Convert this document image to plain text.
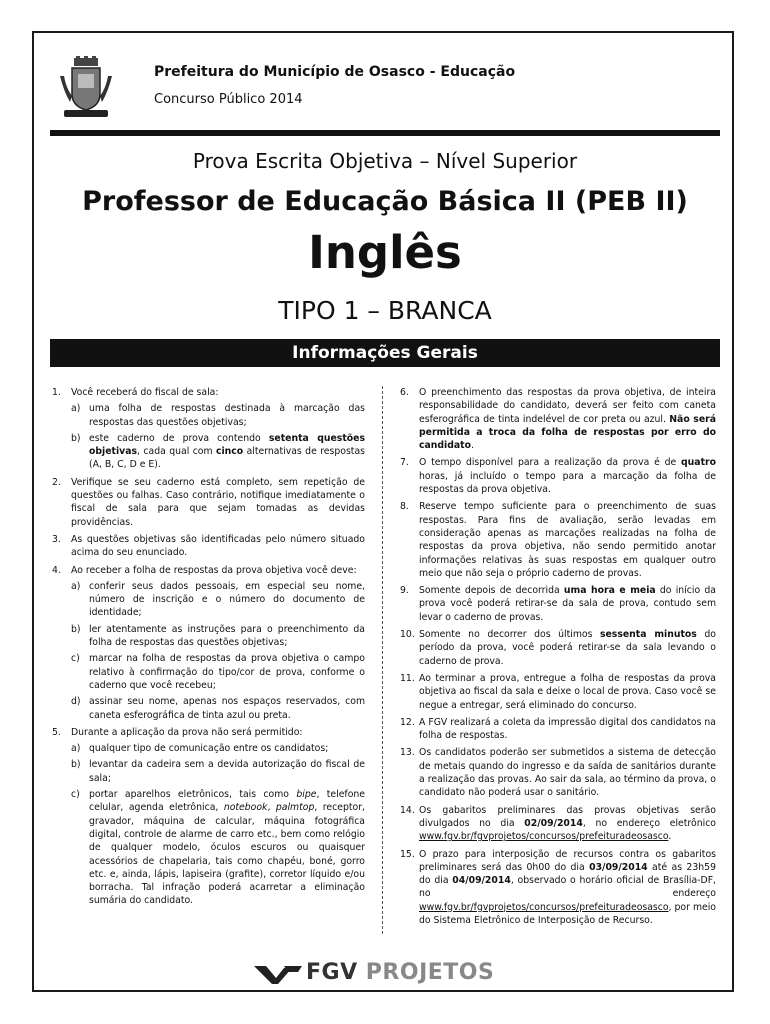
Prefeitura do Município de Osasco - Educação
Concurso Público 2014
Prova Escrita Objetiva – Nível Superior
Professor de Educação Básica II (PEB II)
Inglês
TIPO 1 – BRANCA
Informações Gerais
1. Você receberá do fiscal de sala:
a) uma folha de respostas destinada à marcação das respostas das questões objetivas;
b) este caderno de prova contendo setenta questões objetivas, cada qual com cinco alternativas de respostas (A, B, C, D e E).
2. Verifique se seu caderno está completo, sem repetição de questões ou falhas. Caso contrário, notifique imediatamente o fiscal de sala para que sejam tomadas as devidas providências.
3. As questões objetivas são identificadas pelo número situado acima do seu enunciado.
4. Ao receber a folha de respostas da prova objetiva você deve:
a) conferir seus dados pessoais, em especial seu nome, número de inscrição e o número do documento de identidade;
b) ler atentamente as instruções para o preenchimento da folha de respostas das questões objetivas;
c) marcar na folha de respostas da prova objetiva o campo relativo à confirmação do tipo/cor de prova, conforme o caderno que você recebeu;
d) assinar seu nome, apenas nos espaços reservados, com caneta esferográfica de tinta azul ou preta.
5. Durante a aplicação da prova não será permitido:
a) qualquer tipo de comunicação entre os candidatos;
b) levantar da cadeira sem a devida autorização do fiscal de sala;
c) portar aparelhos eletrônicos, tais como bipe, telefone celular, agenda eletrônica, notebook, palmtop, receptor, gravador, máquina de calcular, máquina fotográfica digital, controle de alarme de carro etc., bem como relógio de qualquer modelo, óculos escuros ou quaisquer acessórios de chapelaria, tais como chapéu, boné, gorro etc. e, ainda, lápis, lapiseira (grafite), corretor líquido e/ou borracha. Tal infração poderá acarretar a eliminação sumária do candidato.
6. O preenchimento das respostas da prova objetiva, de inteira responsabilidade do candidato, deverá ser feito com caneta esferográfica de tinta indelével de cor preta ou azul. Não será permitida a troca da folha de respostas por erro do candidato.
7. O tempo disponível para a realização da prova é de quatro horas, já incluído o tempo para a marcação da folha de respostas da prova objetiva.
8. Reserve tempo suficiente para o preenchimento de suas respostas. Para fins de avaliação, serão levadas em consideração apenas as marcações realizadas na folha de respostas da prova objetiva, não sendo permitido anotar informações relativas às suas respostas em qualquer outro meio que não seja o próprio caderno de provas.
9. Somente depois de decorrida uma hora e meia do início da prova você poderá retirar-se da sala de prova, contudo sem levar o caderno de provas.
10. Somente no decorrer dos últimos sessenta minutos do período da prova, você poderá retirar-se da sala levando o caderno de prova.
11. Ao terminar a prova, entregue a folha de respostas da prova objetiva ao fiscal da sala e deixe o local de prova. Caso você se negue a entregar, será eliminado do concurso.
12. A FGV realizará a coleta da impressão digital dos candidatos na folha de respostas.
13. Os candidatos poderão ser submetidos a sistema de detecção de metais quando do ingresso e da saída de sanitários durante a realização das provas. Ao sair da sala, ao término da prova, o candidato não poderá usar o sanitário.
14. Os gabaritos preliminares das provas objetivas serão divulgados no dia 02/09/2014, no endereço eletrônico www.fgv.br/fgvprojetos/concursos/prefeituradeosasco.
15. O prazo para interposição de recursos contra os gabaritos preliminares será das 0h00 do dia 03/09/2014 até as 23h59 do dia 04/09/2014, observado o horário oficial de Brasília-DF, no endereço www.fgv.br/fgvprojetos/concursos/prefeituradeosasco, por meio do Sistema Eletrônico de Interposição de Recurso.
FGV PROJETOS
